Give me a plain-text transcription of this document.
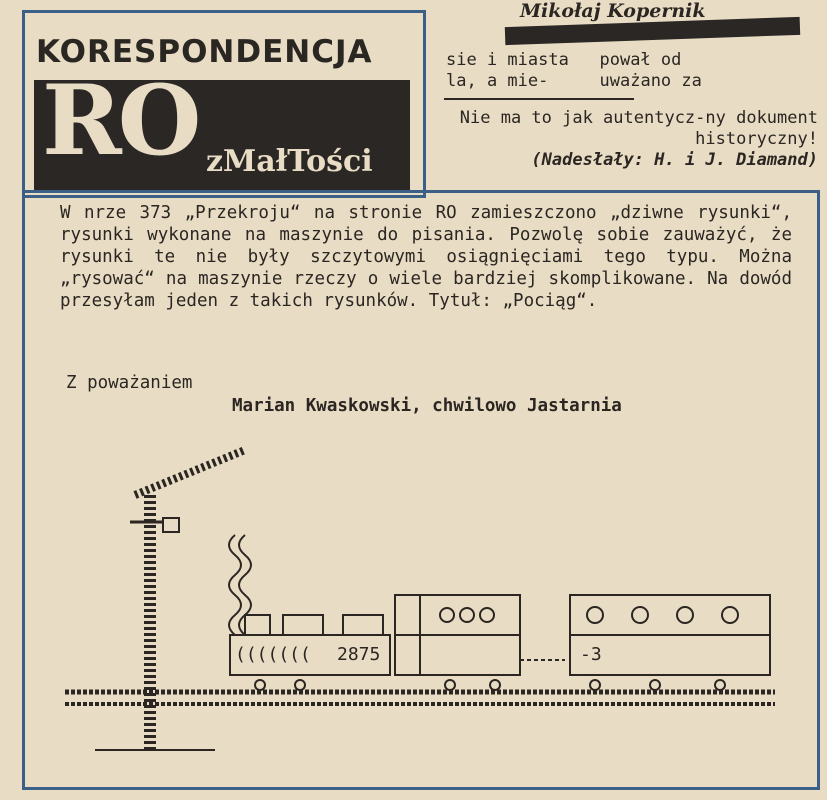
KORESPONDENCJA
RO zMałTości
Mikołaj Kopernik
sie i miasta   pował od
la, a mie-     uważano za
Nie ma to jak autentycz-ny dokument historyczny!
(Nadesłały: H. i J. Diamand)

W nrze 373 „Przekroju“ na stronie RO zamieszczono „dziwne rysunki“, rysunki wykonane na maszynie do pisania. Pozwolę sobie zauważyć, że rysunki te nie były szczytowymi osiągnięciami tego typu. Można „rysować“ na maszynie rzeczy o wiele bardziej skomplikowane. Na dowód przesyłam jeden z takich rysunków. Tytuł: „Pociąg“.

Z poważaniem
Marian Kwaskowski, chwilowo Jastarnia
((((((( 2875	-3
